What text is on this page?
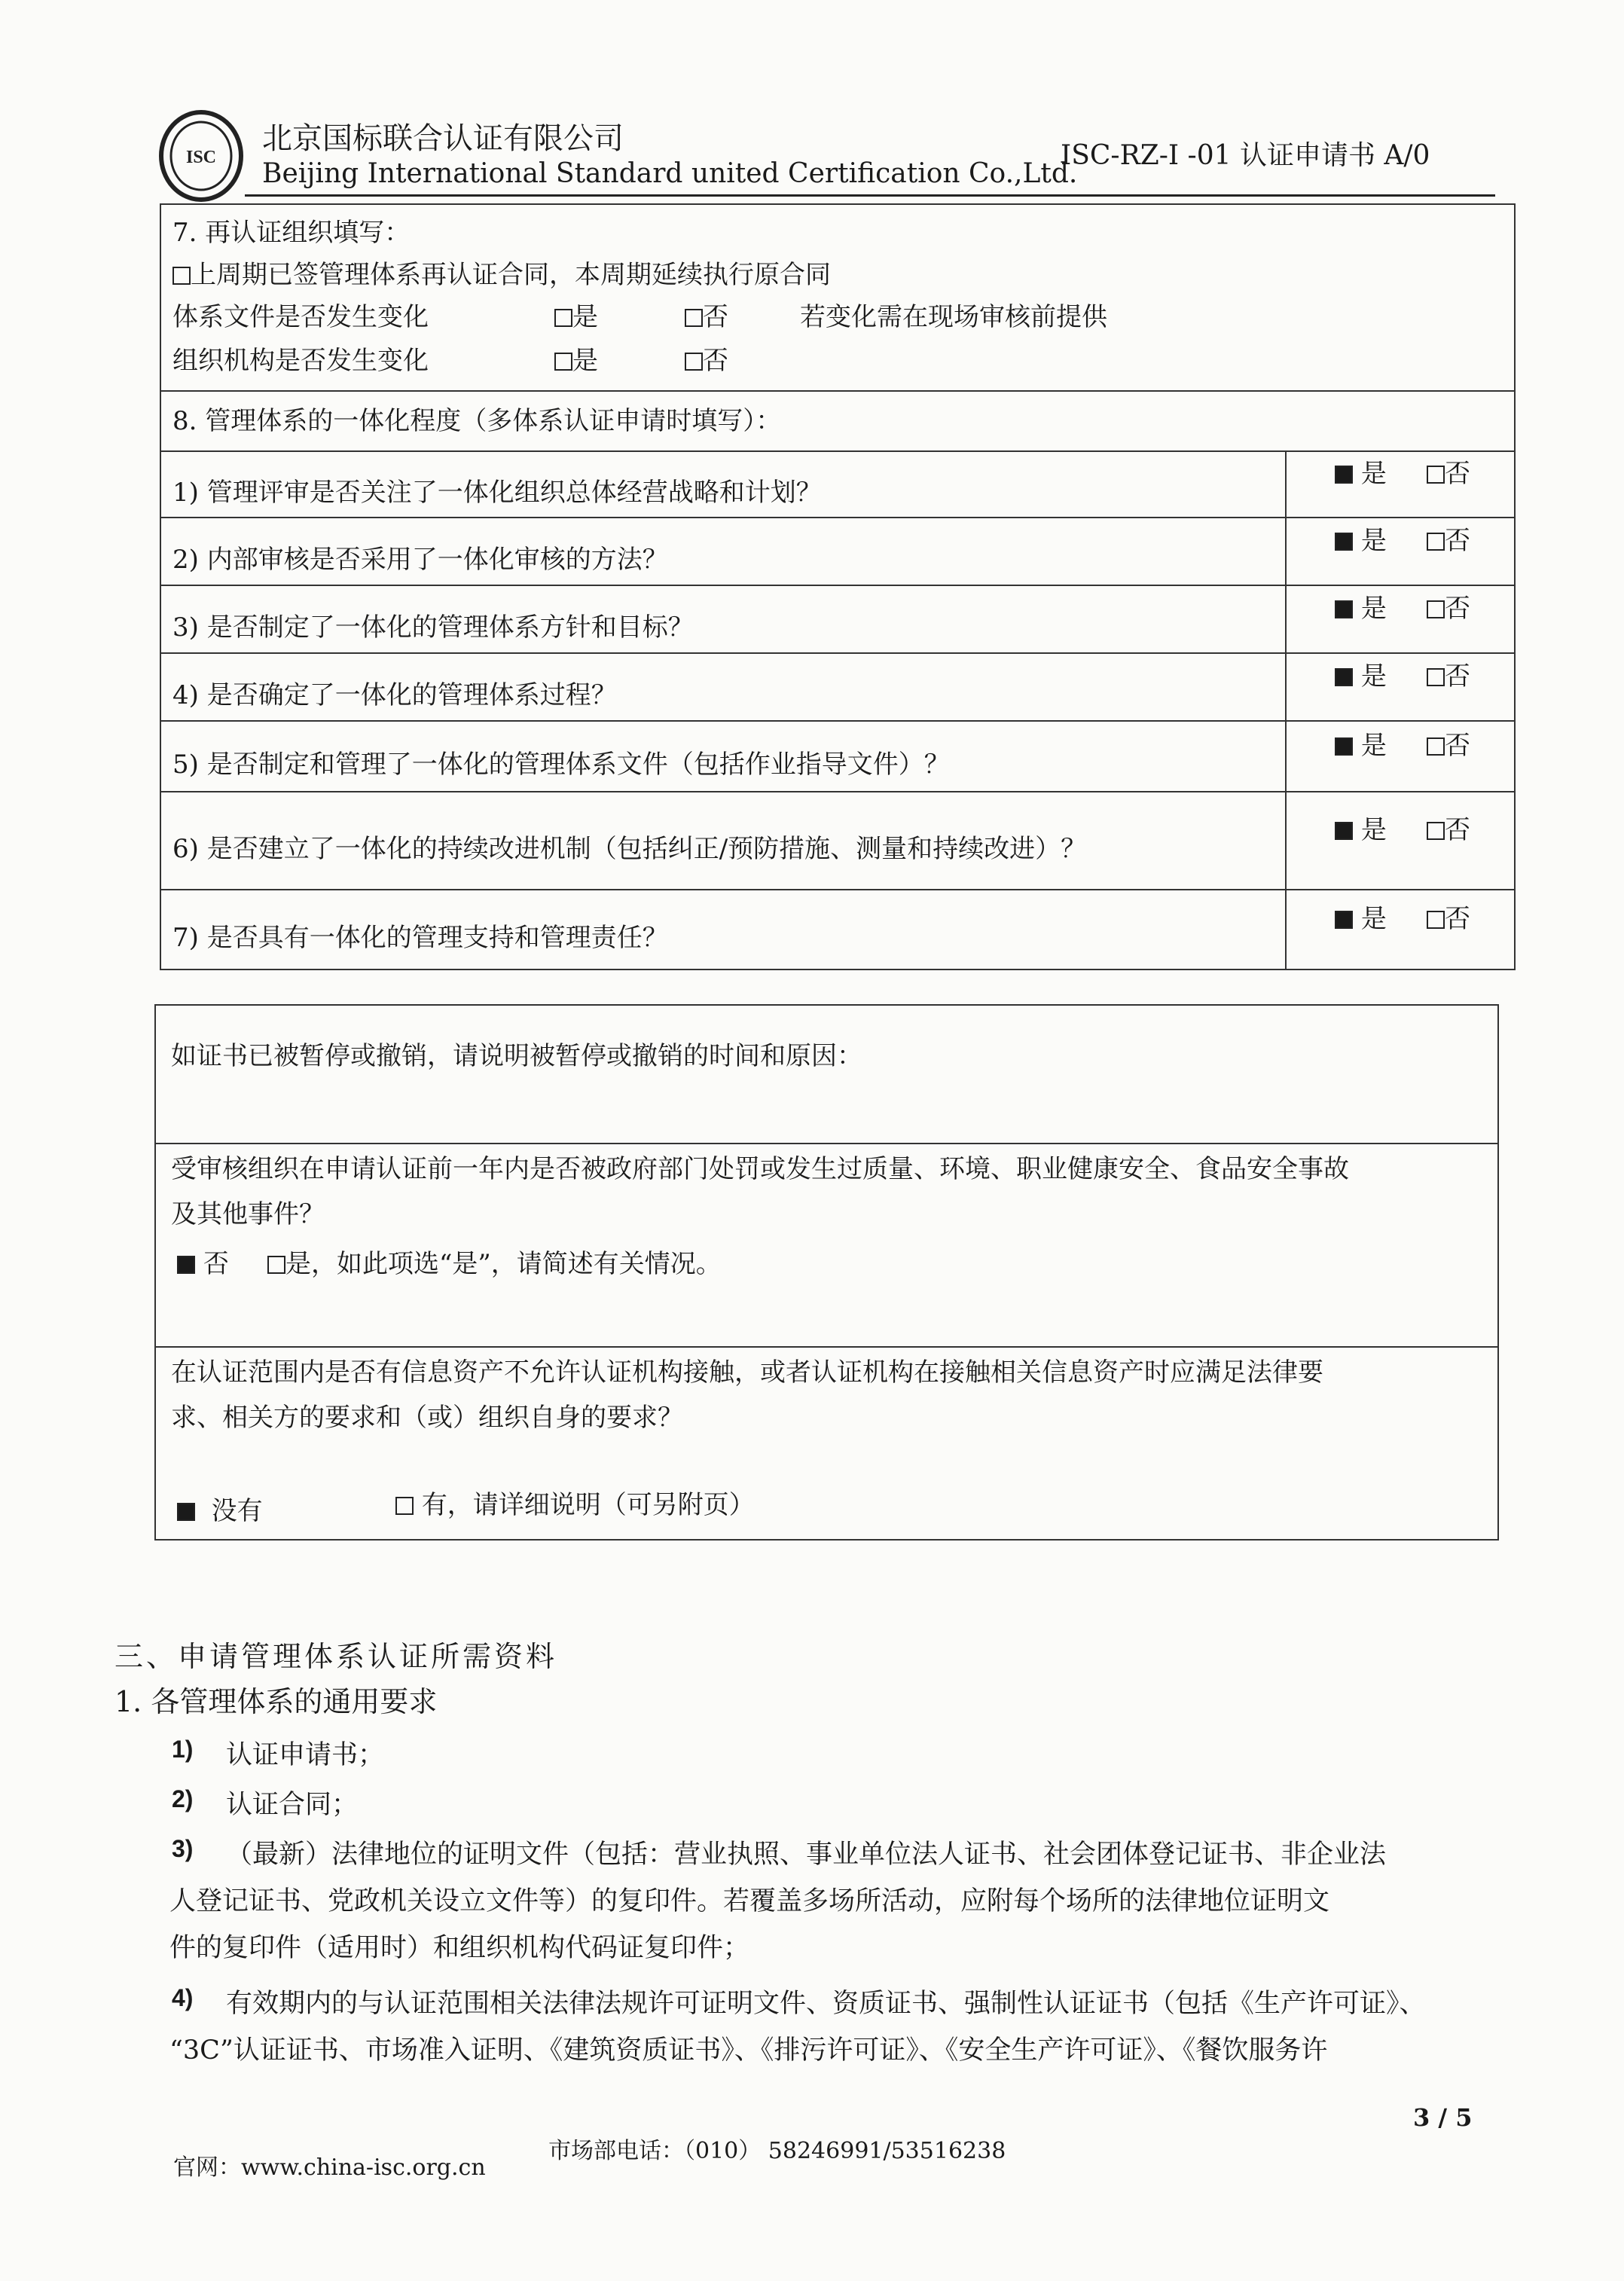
ISC
北京国标联合认证有限公司
Beijing International Standard united Certification Co.,Ltd.
ISC-RZ-I -01 认证申请书 A/0
7. 再认证组织填写：
上周期已签管理体系再认证合同，本周期延续执行原合同
体系文件是否发生变化	是	否	若变化需在现场审核前提供
组织机构是否发生变化	是	否
8. 管理体系的一体化程度（多体系认证申请时填写）：
1) 管理评审是否关注了一体化组织总体经营战略和计划？
是	否
2) 内部审核是否采用了一体化审核的方法？
是	否
3) 是否制定了一体化的管理体系方针和目标？
是	否
4) 是否确定了一体化的管理体系过程？
是	否
5) 是否制定和管理了一体化的管理体系文件（包括作业指导文件）？
是	否
6) 是否建立了一体化的持续改进机制（包括纠正/预防措施、测量和持续改进）？
是	否
7) 是否具有一体化的管理支持和管理责任？
是	否
如证书已被暂停或撤销，请说明被暂停或撤销的时间和原因：
受审核组织在申请认证前一年内是否被政府部门处罚或发生过质量、环境、职业健康安全、食品安全事故
及其他事件？
否	是，如此项选“是”，请简述有关情况。
在认证范围内是否有信息资产不允许认证机构接触，或者认证机构在接触相关信息资产时应满足法律要
求、相关方的要求和（或）组织自身的要求？
没有	有，请详细说明（可另附页）
三、申请管理体系认证所需资料
1. 各管理体系的通用要求
1) 认证申请书；
2) 认证合同；
3) （最新）法律地位的证明文件（包括：营业执照、事业单位法人证书、社会团体登记证书、非企业法
人登记证书、党政机关设立文件等）的复印件。若覆盖多场所活动，应附每个场所的法律地位证明文
件的复印件（适用时）和组织机构代码证复印件；
4) 有效期内的与认证范围相关法律法规许可证明文件、资质证书、强制性认证证书（包括《生产许可证》、
“3C”认证证书、市场准入证明、《建筑资质证书》、《排污许可证》、《安全生产许可证》、《餐饮服务许
3 / 5
官网：www.china-isc.org.cn
市场部电话：（010） 58246991/53516238
